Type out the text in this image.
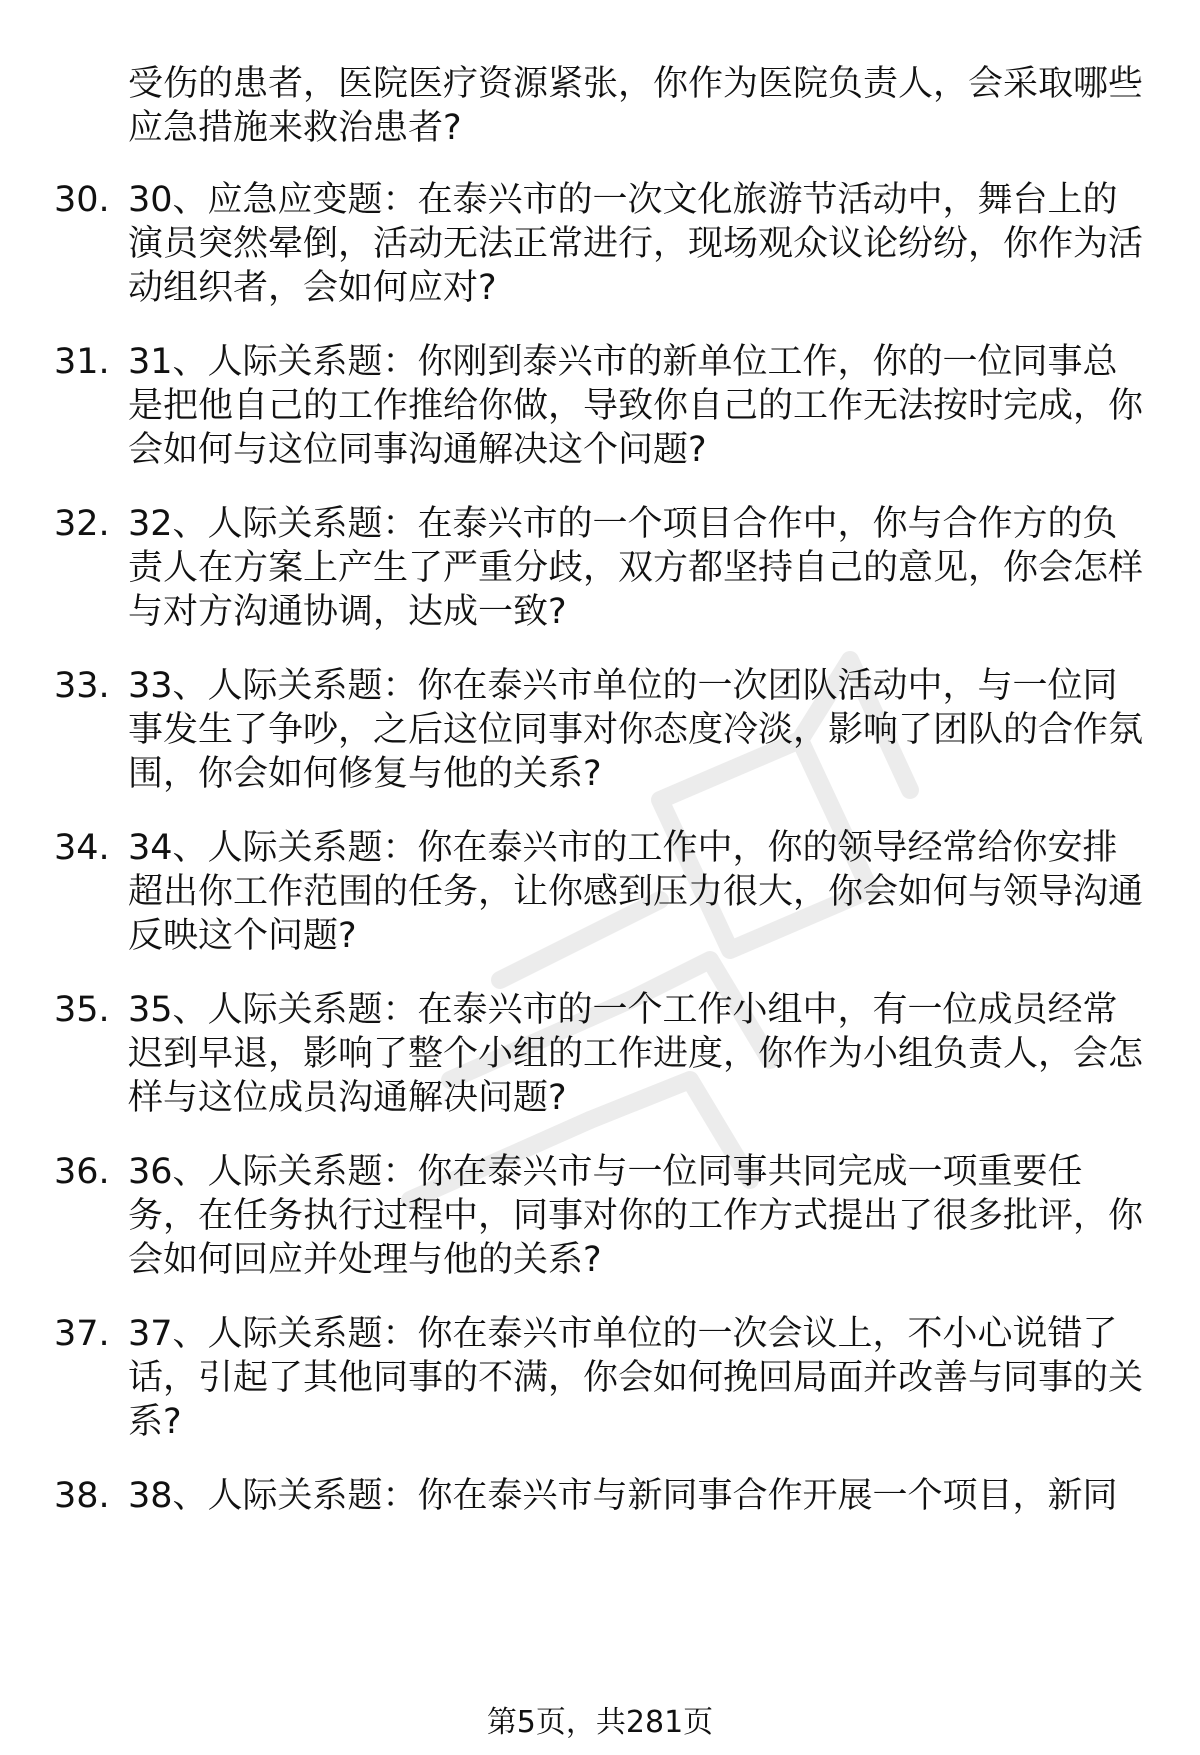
受伤的患者，医院医疗资源紧张，你作为医院负责人，会采取哪些应急措施来救治患者?
30. 30、应急应变题：在泰兴市的一次文化旅游节活动中，舞台上的演员突然晕倒，活动无法正常进行，现场观众议论纷纷，你作为活动组织者，会如何应对?
31. 31、人际关系题：你刚到泰兴市的新单位工作，你的一位同事总是把他自己的工作推给你做，导致你自己的工作无法按时完成，你会如何与这位同事沟通解决这个问题?
32. 32、人际关系题：在泰兴市的一个项目合作中，你与合作方的负责人在方案上产生了严重分歧，双方都坚持自己的意见，你会怎样与对方沟通协调，达成一致?
33. 33、人际关系题：你在泰兴市单位的一次团队活动中，与一位同事发生了争吵，之后这位同事对你态度冷淡，影响了团队的合作氛围，你会如何修复与他的关系?
34. 34、人际关系题：你在泰兴市的工作中，你的领导经常给你安排超出你工作范围的任务，让你感到压力很大，你会如何与领导沟通反映这个问题?
35. 35、人际关系题：在泰兴市的一个工作小组中，有一位成员经常迟到早退，影响了整个小组的工作进度，你作为小组负责人，会怎样与这位成员沟通解决问题?
36. 36、人际关系题：你在泰兴市与一位同事共同完成一项重要任务，在任务执行过程中，同事对你的工作方式提出了很多批评，你会如何回应并处理与他的关系?
37. 37、人际关系题：你在泰兴市单位的一次会议上，不小心说错了话，引起了其他同事的不满，你会如何挽回局面并改善与同事的关系?
38. 38、人际关系题：你在泰兴市与新同事合作开展一个项目，新同
第5页，共281页
